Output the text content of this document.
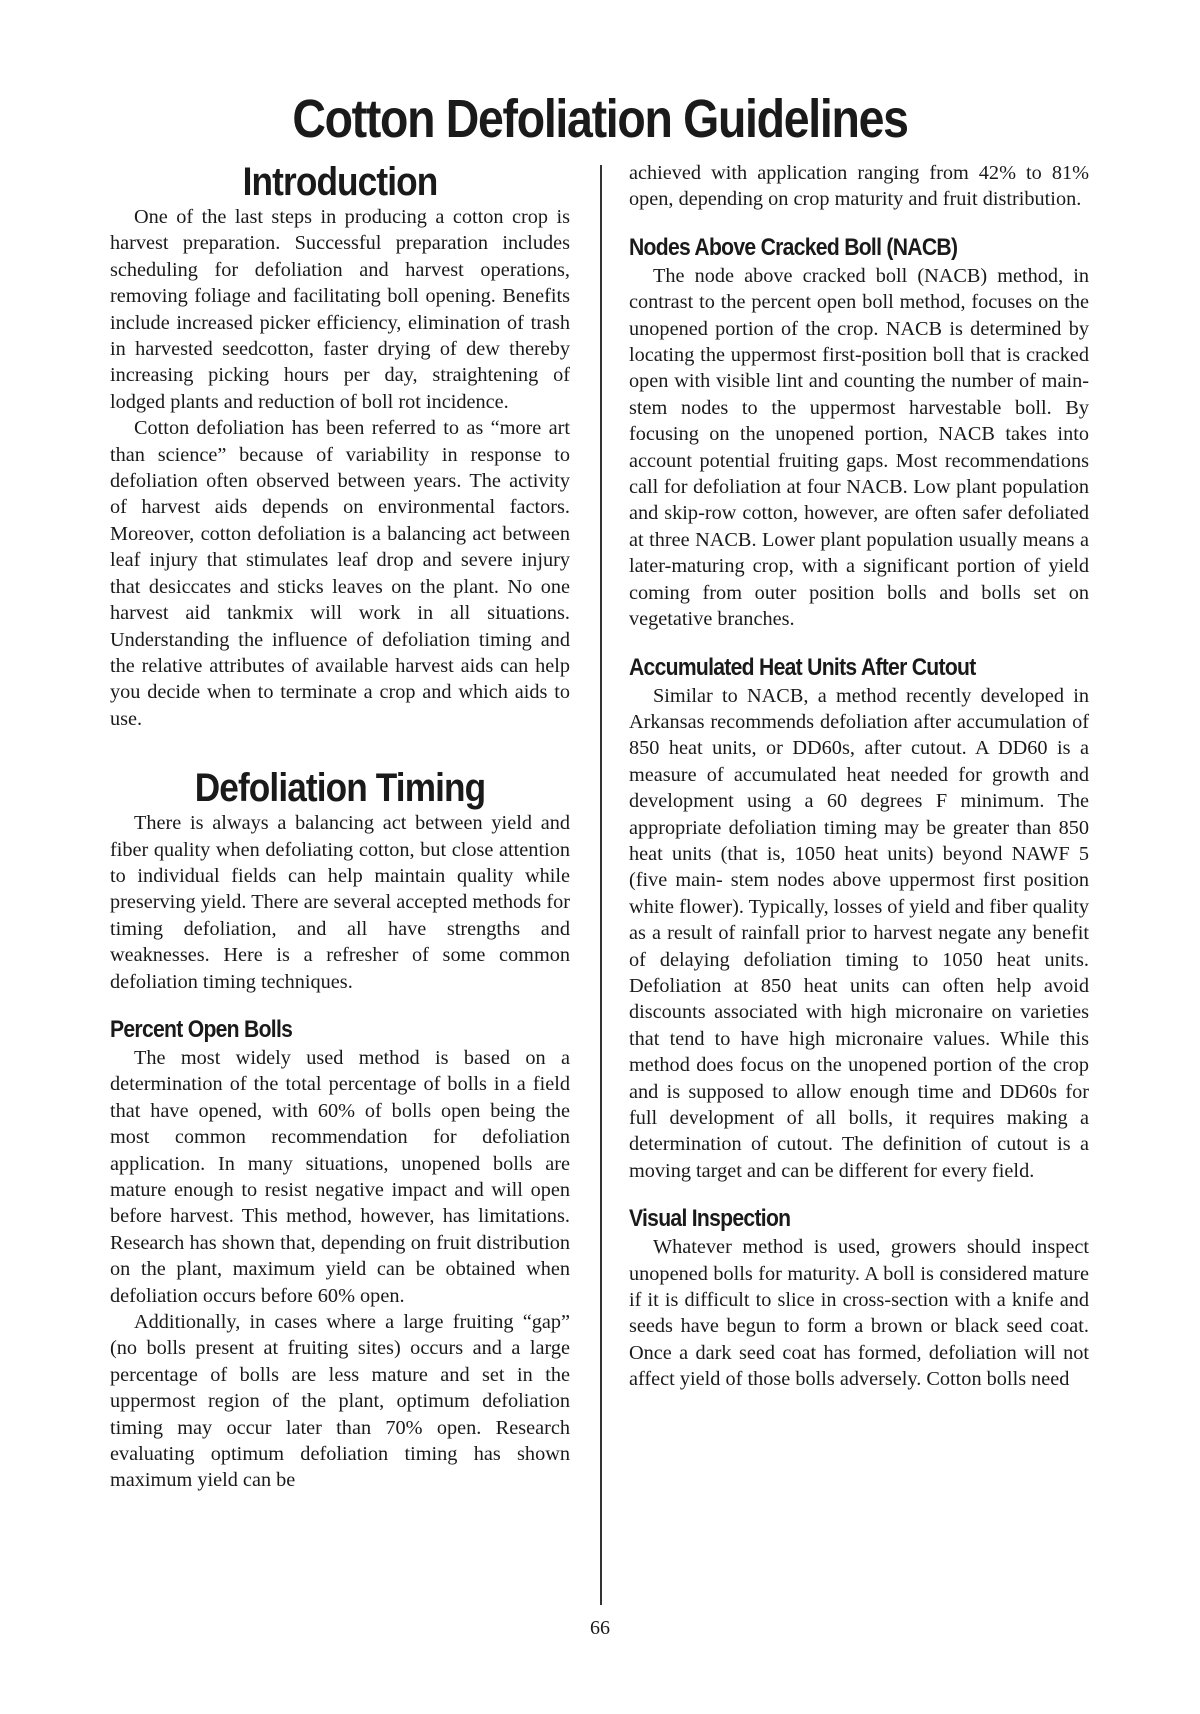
Cotton Defoliation Guidelines
Introduction

One of the last steps in producing a cotton crop is harvest preparation. Successful preparation includes scheduling for defoliation and harvest operations, removing foliage and facilitating boll opening. Benefits include increased picker efficiency, elimination of trash in harvested seedcotton, faster drying of dew thereby increasing picking hours per day, straightening of lodged plants and reduction of boll rot incidence.

Cotton defoliation has been referred to as “more art than science” because of variability in response to defoliation often observed between years. The activity of harvest aids depends on environmental factors. Moreover, cotton defoliation is a balancing act between leaf injury that stimulates leaf drop and severe injury that desiccates and sticks leaves on the plant. No one harvest aid tankmix will work in all situations. Understanding the influence of defoliation timing and the relative attributes of available harvest aids can help you decide when to terminate a crop and which aids to use.

Defoliation Timing

There is always a balancing act between yield and fiber quality when defoliating cotton, but close attention to individual fields can help maintain quality while preserving yield. There are several accepted methods for timing defoliation, and all have strengths and weaknesses. Here is a refresher of some common defoliation timing techniques.

Percent Open Bolls

The most widely used method is based on a determination of the total percentage of bolls in a field that have opened, with 60% of bolls open being the most common recommendation for defoliation application. In many situations, unopened bolls are mature enough to resist negative impact and will open before harvest. This method, however, has limitations. Research has shown that, depending on fruit distribution on the plant, maximum yield can be obtained when defoliation occurs before 60% open.

Additionally, in cases where a large fruiting “gap” (no bolls present at fruiting sites) occurs and a large percentage of bolls are less mature and set in the uppermost region of the plant, optimum defoliation timing may occur later than 70% open. Research evaluating optimum defoliation timing has shown maximum yield can be

achieved with application ranging from 42% to 81% open, depending on crop maturity and fruit distribution.

Nodes Above Cracked Boll (NACB)

The node above cracked boll (NACB) method, in contrast to the percent open boll method, focuses on the unopened portion of the crop. NACB is determined by locating the uppermost first-position boll that is cracked open with visible lint and counting the number of main-stem nodes to the uppermost harvestable boll. By focusing on the unopened portion, NACB takes into account potential fruiting gaps. Most recommendations call for defoliation at four NACB. Low plant population and skip-row cotton, however, are often safer defoliated at three NACB. Lower plant population usually means a later-maturing crop, with a significant portion of yield coming from outer position bolls and bolls set on vegetative branches.

Accumulated Heat Units After Cutout

Similar to NACB, a method recently developed in Arkansas recommends defoliation after accumulation of 850 heat units, or DD60s, after cutout. A DD60 is a measure of accumulated heat needed for growth and development using a 60 degrees F minimum. The appropriate defoliation timing may be greater than 850 heat units (that is, 1050 heat units) beyond NAWF 5 (five main- stem nodes above uppermost first position white flower). Typically, losses of yield and fiber quality as a result of rainfall prior to harvest negate any benefit of delaying defoliation timing to 1050 heat units. Defoliation at 850 heat units can often help avoid discounts associated with high micronaire on varieties that tend to have high micronaire values. While this method does focus on the unopened portion of the crop and is supposed to allow enough time and DD60s for full development of all bolls, it requires making a determination of cutout. The definition of cutout is a moving target and can be different for every field.

Visual Inspection

Whatever method is used, growers should inspect unopened bolls for maturity. A boll is considered mature if it is difficult to slice in cross-section with a knife and seeds have begun to form a brown or black seed coat. Once a dark seed coat has formed, defoliation will not affect yield of those bolls adversely. Cotton bolls need

66
